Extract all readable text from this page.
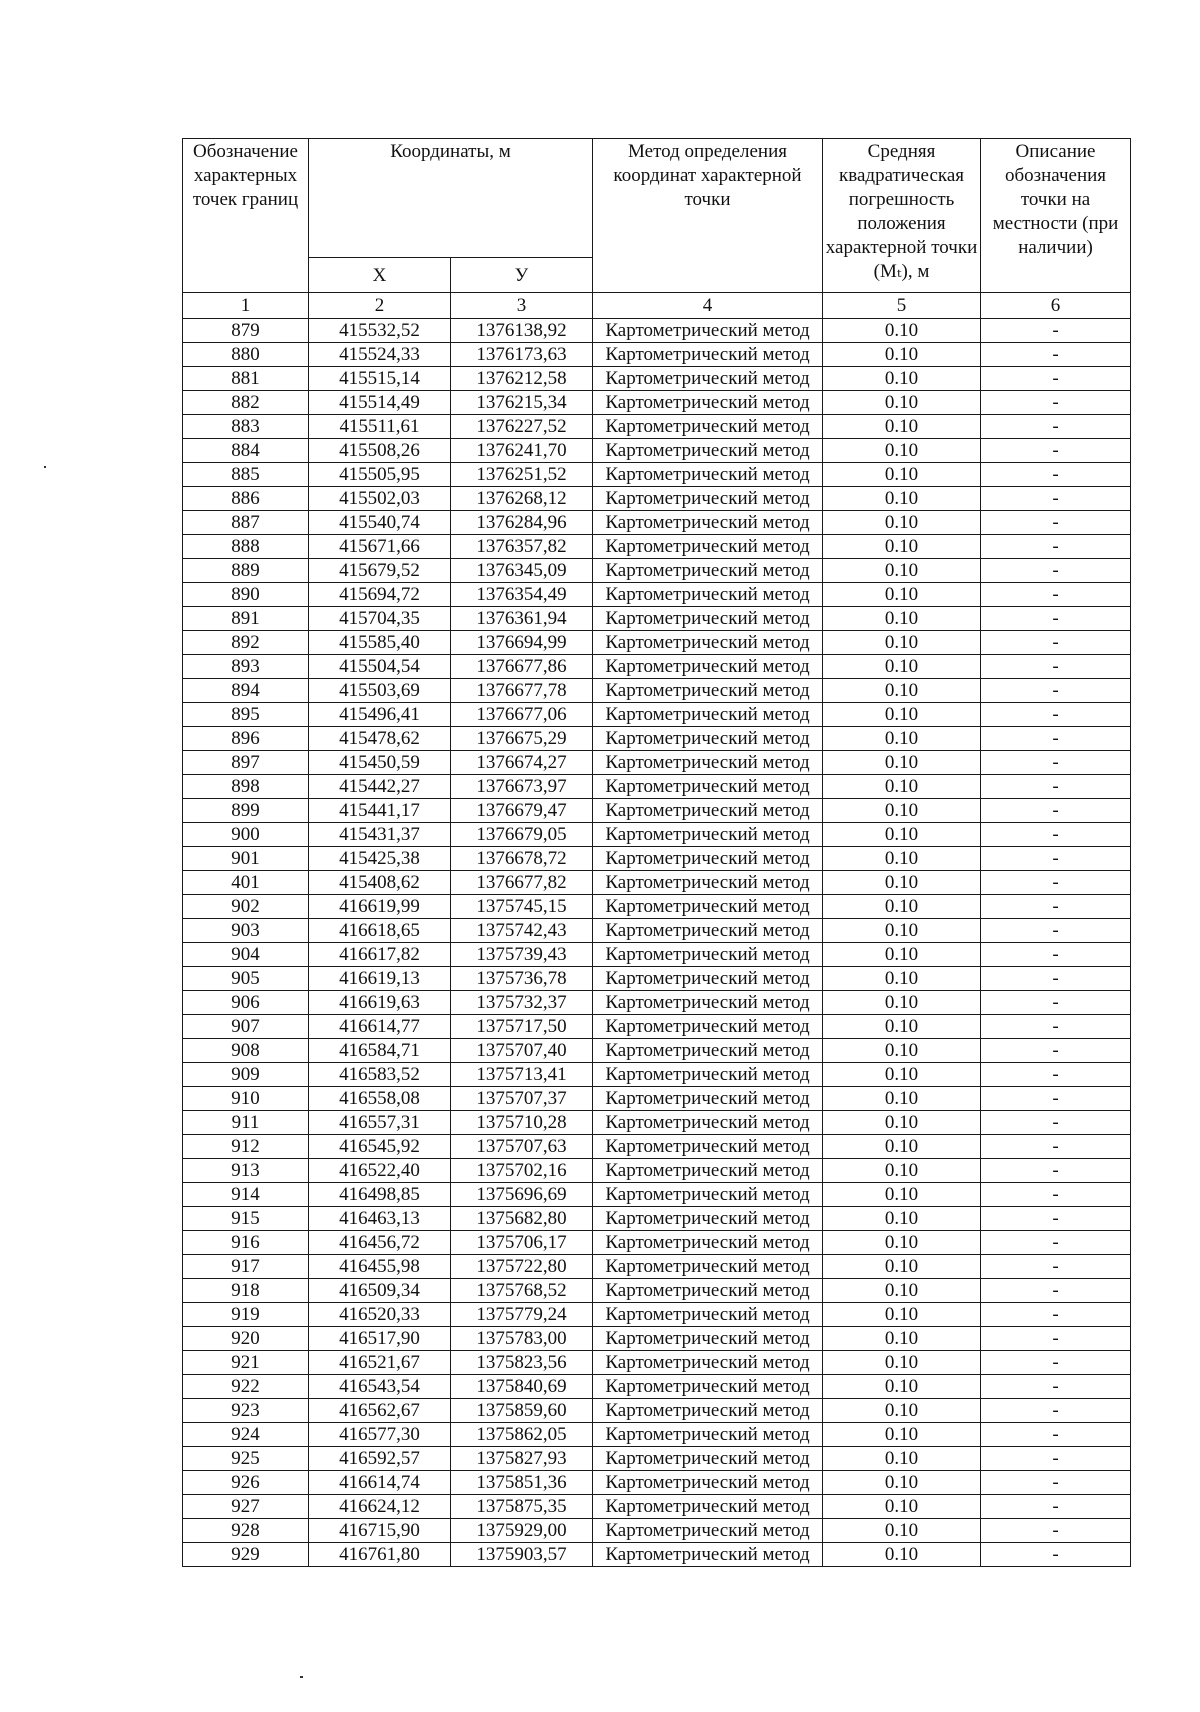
Обозначение характерных точек границ	Координаты, м		Метод определения координат характерной точки	Средняя квадратическая погрешность положения характерной точки (Mₜ), м	Описание обозначения точки на местности (при наличии)
	X	У			
1	2	3	4	5	6
879	415532,52	1376138,92	Картометрический метод	0.10	-
880	415524,33	1376173,63	Картометрический метод	0.10	-
881	415515,14	1376212,58	Картометрический метод	0.10	-
882	415514,49	1376215,34	Картометрический метод	0.10	-
883	415511,61	1376227,52	Картометрический метод	0.10	-
884	415508,26	1376241,70	Картометрический метод	0.10	-
885	415505,95	1376251,52	Картометрический метод	0.10	-
886	415502,03	1376268,12	Картометрический метод	0.10	-
887	415540,74	1376284,96	Картометрический метод	0.10	-
888	415671,66	1376357,82	Картометрический метод	0.10	-
889	415679,52	1376345,09	Картометрический метод	0.10	-
890	415694,72	1376354,49	Картометрический метод	0.10	-
891	415704,35	1376361,94	Картометрический метод	0.10	-
892	415585,40	1376694,99	Картометрический метод	0.10	-
893	415504,54	1376677,86	Картометрический метод	0.10	-
894	415503,69	1376677,78	Картометрический метод	0.10	-
895	415496,41	1376677,06	Картометрический метод	0.10	-
896	415478,62	1376675,29	Картометрический метод	0.10	-
897	415450,59	1376674,27	Картометрический метод	0.10	-
898	415442,27	1376673,97	Картометрический метод	0.10	-
899	415441,17	1376679,47	Картометрический метод	0.10	-
900	415431,37	1376679,05	Картометрический метод	0.10	-
901	415425,38	1376678,72	Картометрический метод	0.10	-
401	415408,62	1376677,82	Картометрический метод	0.10	-
902	416619,99	1375745,15	Картометрический метод	0.10	-
903	416618,65	1375742,43	Картометрический метод	0.10	-
904	416617,82	1375739,43	Картометрический метод	0.10	-
905	416619,13	1375736,78	Картометрический метод	0.10	-
906	416619,63	1375732,37	Картометрический метод	0.10	-
907	416614,77	1375717,50	Картометрический метод	0.10	-
908	416584,71	1375707,40	Картометрический метод	0.10	-
909	416583,52	1375713,41	Картометрический метод	0.10	-
910	416558,08	1375707,37	Картометрический метод	0.10	-
911	416557,31	1375710,28	Картометрический метод	0.10	-
912	416545,92	1375707,63	Картометрический метод	0.10	-
913	416522,40	1375702,16	Картометрический метод	0.10	-
914	416498,85	1375696,69	Картометрический метод	0.10	-
915	416463,13	1375682,80	Картометрический метод	0.10	-
916	416456,72	1375706,17	Картометрический метод	0.10	-
917	416455,98	1375722,80	Картометрический метод	0.10	-
918	416509,34	1375768,52	Картометрический метод	0.10	-
919	416520,33	1375779,24	Картометрический метод	0.10	-
920	416517,90	1375783,00	Картометрический метод	0.10	-
921	416521,67	1375823,56	Картометрический метод	0.10	-
922	416543,54	1375840,69	Картометрический метод	0.10	-
923	416562,67	1375859,60	Картометрический метод	0.10	-
924	416577,30	1375862,05	Картометрический метод	0.10	-
925	416592,57	1375827,93	Картометрический метод	0.10	-
926	416614,74	1375851,36	Картометрический метод	0.10	-
927	416624,12	1375875,35	Картометрический метод	0.10	-
928	416715,90	1375929,00	Картометрический метод	0.10	-
929	416761,80	1375903,57	Картометрический метод	0.10	-
